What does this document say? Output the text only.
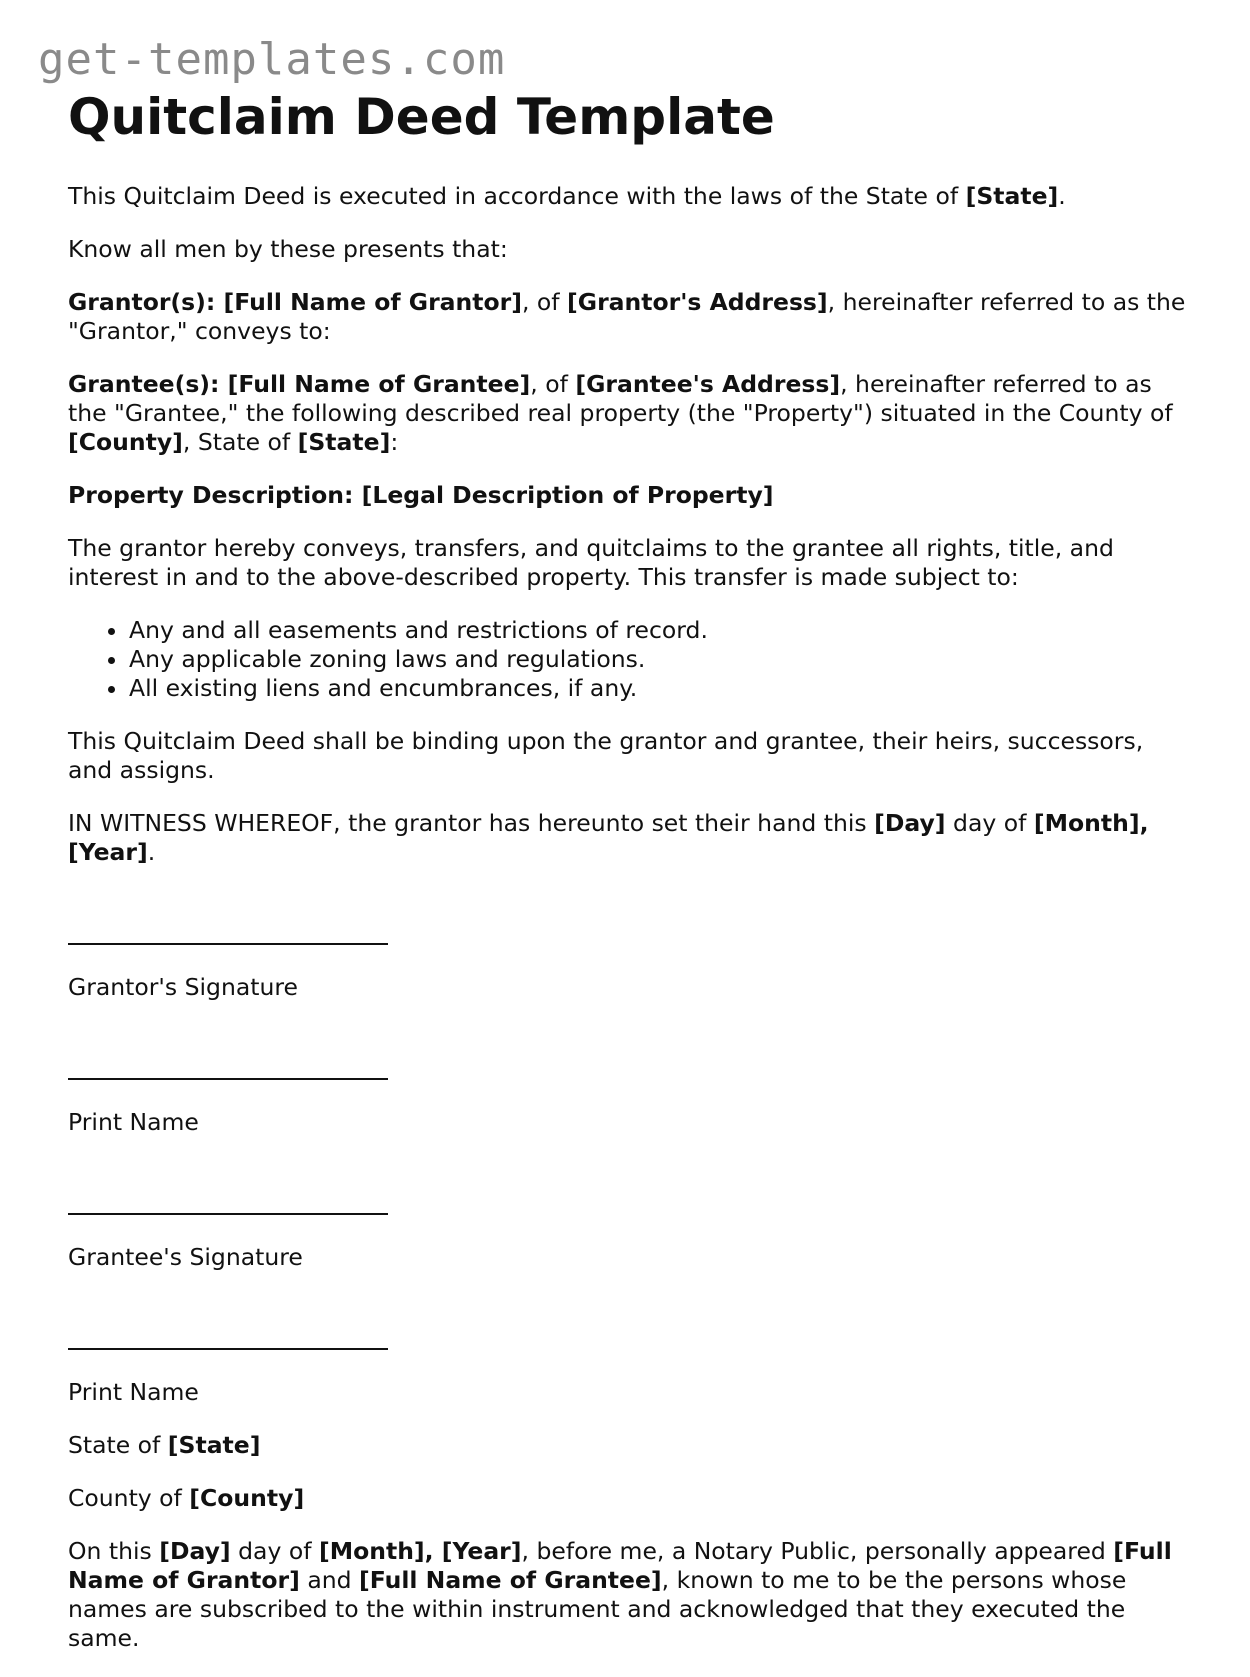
get-templates.com
Quitclaim Deed Template

This Quitclaim Deed is executed in accordance with the laws of the State of [State].

Know all men by these presents that:

Grantor(s): [Full Name of Grantor], of [Grantor's Address], hereinafter referred to as the "Grantor," conveys to:

Grantee(s): [Full Name of Grantee], of [Grantee's Address], hereinafter referred to as the "Grantee," the following described real property (the "Property") situated in the County of [County], State of [State]:

Property Description: [Legal Description of Property]

The grantor hereby conveys, transfers, and quitclaims to the grantee all rights, title, and interest in and to the above-described property. This transfer is made subject to:

• Any and all easements and restrictions of record.
• Any applicable zoning laws and regulations.
• All existing liens and encumbrances, if any.

This Quitclaim Deed shall be binding upon the grantor and grantee, their heirs, successors, and assigns.

IN WITNESS WHEREOF, the grantor has hereunto set their hand this [Day] day of [Month], [Year].

Grantor's Signature

Print Name

Grantee's Signature

Print Name

State of [State]

County of [County]

On this [Day] day of [Month], [Year], before me, a Notary Public, personally appeared [Full Name of Grantor] and [Full Name of Grantee], known to me to be the persons whose names are subscribed to the within instrument and acknowledged that they executed the same.
